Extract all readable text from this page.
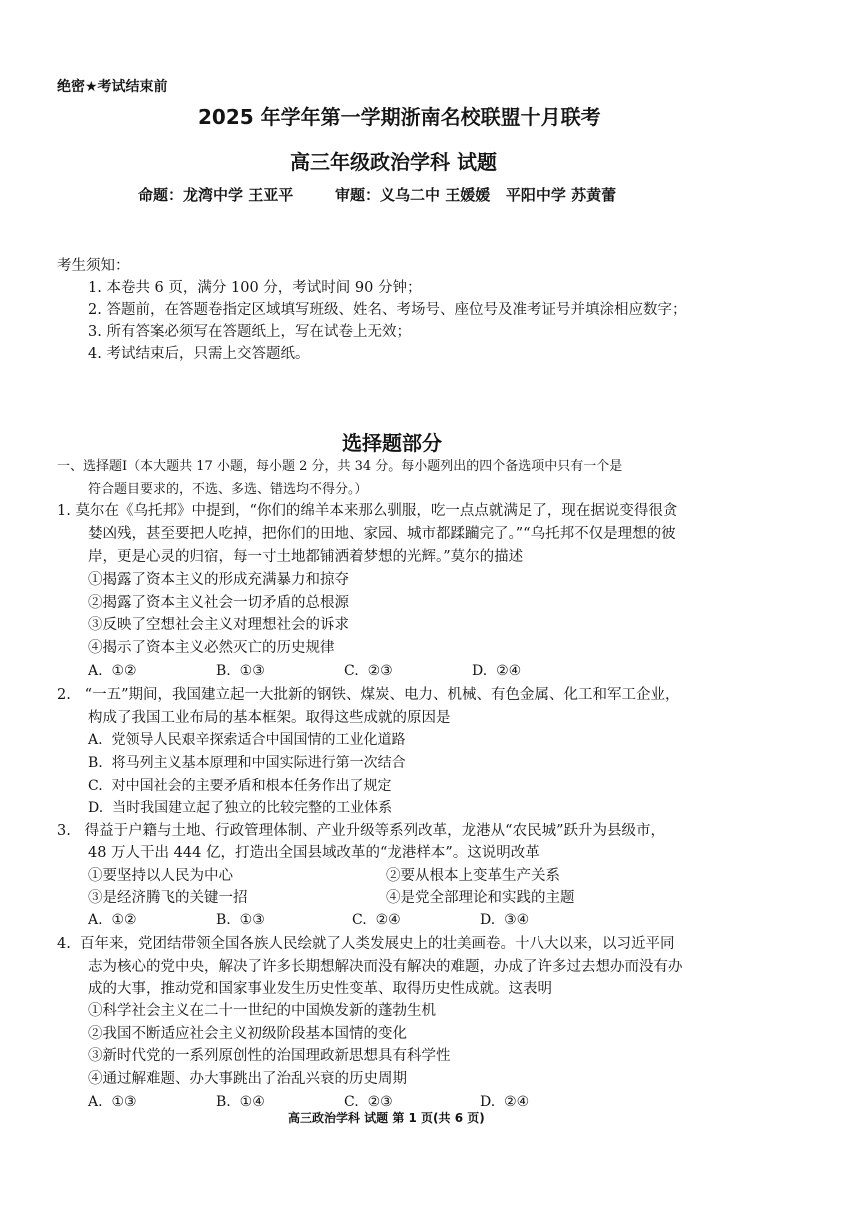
绝密★考试结束前
2025 年学年第一学期浙南名校联盟十月联考
高三年级政治学科 试题
命题：龙湾中学 王亚平        审题：义乌二中 王媛媛   平阳中学 苏黄蕾
考生须知：
1. 本卷共 6 页，满分 100 分，考试时间 90 分钟；
2. 答题前，在答题卷指定区域填写班级、姓名、考场号、座位号及准考证号并填涂相应数字；
3. 所有答案必须写在答题纸上，写在试卷上无效；
4. 考试结束后，只需上交答题纸。
选择题部分
一、选择题Ⅰ（本大题共 17 小题，每小题 2 分，共 34 分。每小题列出的四个备选项中只有一个是
符合题目要求的，不选、多选、错选均不得分。）
1. 莫尔在《乌托邦》中提到，“你们的绵羊本来那么驯服，吃一点点就满足了，现在据说变得很贪
婪凶残，甚至要把人吃掉，把你们的田地、家园、城市都蹂躏完了。”“乌托邦不仅是理想的彼
岸，更是心灵的归宿，每一寸土地都铺洒着梦想的光辉。”莫尔的描述
①揭露了资本主义的形成充满暴力和掠夺
②揭露了资本主义社会一切矛盾的总根源
③反映了空想社会主义对理想社会的诉求
④揭示了资本主义必然灭亡的历史规律
A.  ①②	B.  ①③	C.  ②③	D.  ②④
2.   “一五”期间，我国建立起一大批新的钢铁、煤炭、电力、机械、有色金属、化工和军工企业，
构成了我国工业布局的基本框架。取得这些成就的原因是
A.  党领导人民艰辛探索适合中国国情的工业化道路
B.  将马列主义基本原理和中国实际进行第一次结合
C.  对中国社会的主要矛盾和根本任务作出了规定
D.  当时我国建立起了独立的比较完整的工业体系
3.   得益于户籍与土地、行政管理体制、产业升级等系列改革，龙港从“农民城”跃升为县级市，
48 万人干出 444 亿，打造出全国县域改革的“龙港样本”。这说明改革
①要坚持以人民为中心	②要从根本上变革生产关系
③是经济腾飞的关键一招	④是党全部理论和实践的主题
A.  ①②	B.  ①③	C.  ②④	D.  ③④
4.  百年来，党团结带领全国各族人民绘就了人类发展史上的壮美画卷。十八大以来，以习近平同
志为核心的党中央，解决了许多长期想解决而没有解决的难题，办成了许多过去想办而没有办
成的大事，推动党和国家事业发生历史性变革、取得历史性成就。这表明
①科学社会主义在二十一世纪的中国焕发新的蓬勃生机
②我国不断适应社会主义初级阶段基本国情的变化
③新时代党的一系列原创性的治国理政新思想具有科学性
④通过解难题、办大事跳出了治乱兴衰的历史周期
A.  ①③	B.  ①④	C.  ②③	D.  ②④
高三政治学科 试题 第 1 页(共 6 页)
